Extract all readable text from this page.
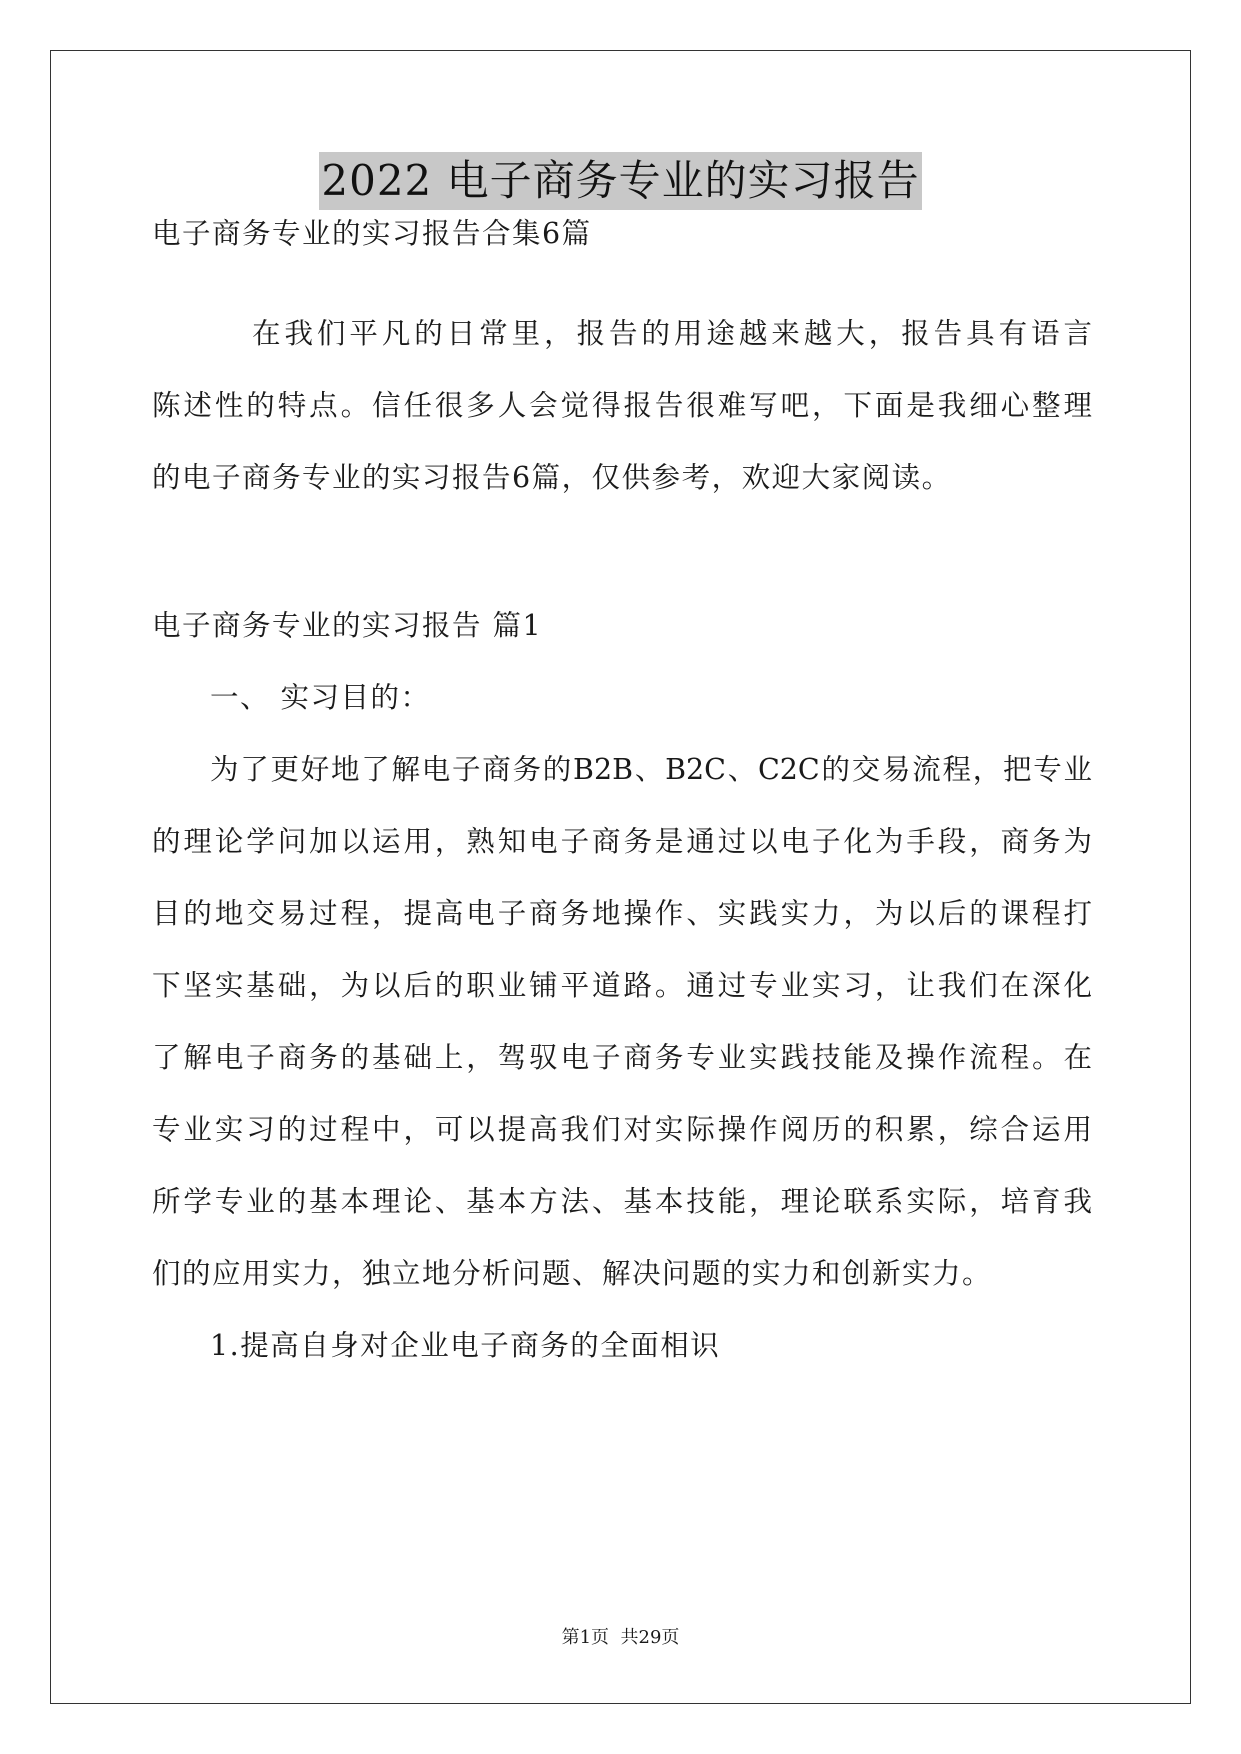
2022 电子商务专业的实习报告

电子商务专业的实习报告合集6篇

在我们平凡的日常里，报告的用途越来越大，报告具有语言

陈述性的特点。信任很多人会觉得报告很难写吧，下面是我细心整理

的电子商务专业的实习报告6篇，仅供参考，欢迎大家阅读。

电子商务专业的实习报告 篇1

一、 实习目的：

为了更好地了解电子商务的B2B、B2C、C2C的交易流程，把专业

的理论学问加以运用，熟知电子商务是通过以电子化为手段，商务为

目的地交易过程，提高电子商务地操作、实践实力，为以后的课程打

下坚实基础，为以后的职业铺平道路。通过专业实习，让我们在深化

了解电子商务的基础上，驾驭电子商务专业实践技能及操作流程。在

专业实习的过程中，可以提高我们对实际操作阅历的积累，综合运用

所学专业的基本理论、基本方法、基本技能，理论联系实际，培育我

们的应用实力，独立地分析问题、解决问题的实力和创新实力。

1.提高自身对企业电子商务的全面相识

第1页  共29页
